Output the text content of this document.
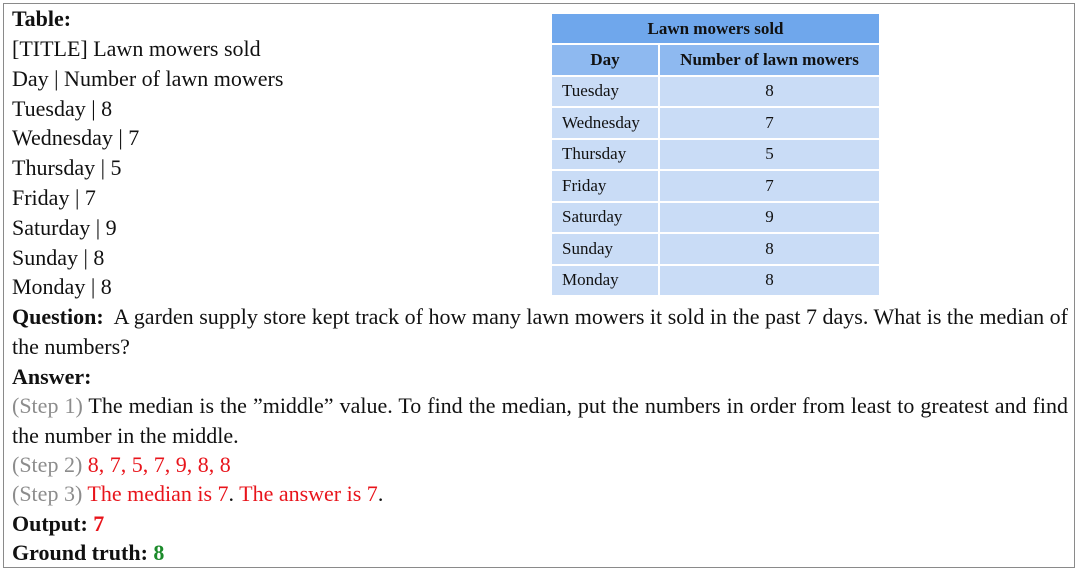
Table:
[TITLE] Lawn mowers sold
Day | Number of lawn mowers
Tuesday | 8
Wednesday | 7
Thursday | 5
Friday | 7
Saturday | 9
Sunday | 8
Monday | 8
Lawn mowers sold	
Day	Number of lawn mowers
Tuesday	8
Wednesday	7
Thursday	5
Friday	7
Saturday	9
Sunday	8
Monday	8
Question: A garden supply store kept track of how many lawn mowers it sold in the past 7 days. What is the median of the numbers?
Answer:
(Step 1) The median is the ”middle” value. To find the median, put the numbers in order from least to greatest and find the number in the middle.
(Step 2) 8, 7, 5, 7, 9, 8, 8
(Step 3) The median is 7. The answer is 7.
Output: 7
Ground truth: 8
